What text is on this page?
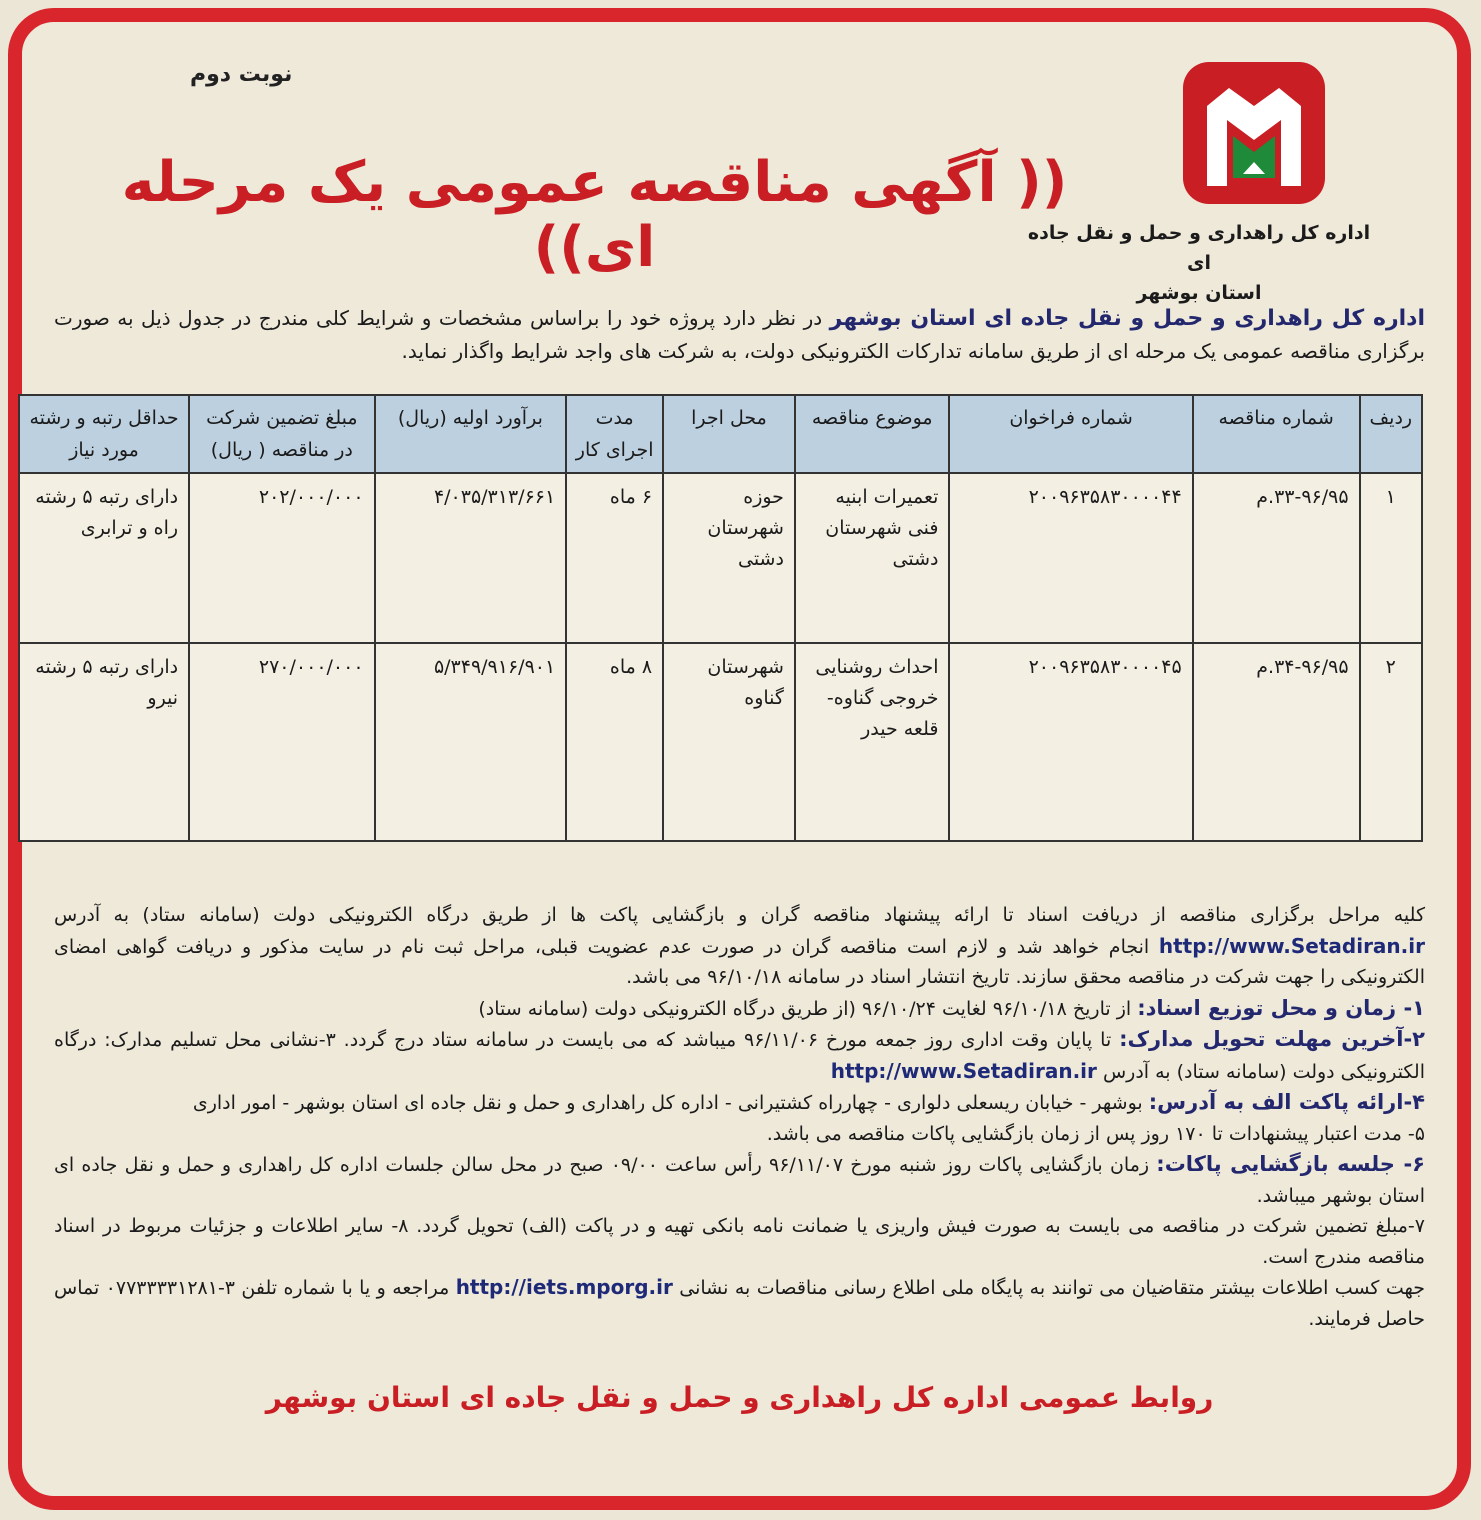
نوبت دوم
(( آگهی مناقصه عمومی یک مرحله ای))	اداره کل راهداری و حمل و نقل جاده ای
استان بوشهر
اداره کل راهداری و حمل و نقل جاده ای استان بوشهر در نظر دارد پروژه خود را براساس مشخصات و شرایط کلی مندرج در جدول ذیل به صورت برگزاری مناقصه عمومی یک مرحله ای از طریق سامانه تدارکات الکترونیکی دولت، به شرکت های واجد شرایط واگذار نماید.
ردیف	شماره مناقصه	شماره فراخوان	موضوع مناقصه	محل اجرا	مدت اجرای کار	برآورد اولیه (ریال)	مبلغ تضمین شرکت در مناقصه ( ریال)	حداقل رتبه و رشته مورد نیاز
۱	۳۳-۹۶/۹۵.م	۲۰۰۹۶۳۵۸۳۰۰۰۰۴۴	تعمیرات ابنیه فنی شهرستان دشتی	حوزه شهرستان دشتی	۶ ماه	۴/۰۳۵/۳۱۳/۶۶۱	۲۰۲/۰۰۰/۰۰۰	دارای رتبه ۵ رشته راه و ترابری
۲	۳۴-۹۶/۹۵.م	۲۰۰۹۶۳۵۸۳۰۰۰۰۴۵	احداث روشنایی خروجی گناوه-قلعه حیدر	شهرستان گناوه	۸ ماه	۵/۳۴۹/۹۱۶/۹۰۱	۲۷۰/۰۰۰/۰۰۰	دارای رتبه ۵ رشته نیرو

کلیه مراحل برگزاری مناقصه از دریافت اسناد تا ارائه پیشنهاد مناقصه گران و بازگشایی پاکت ها از طریق درگاه الکترونیکی دولت (سامانه ستاد) به آدرس http://www.Setadiran.ir انجام خواهد شد و لازم است مناقصه گران در صورت عدم عضویت قبلی، مراحل ثبت نام در سایت مذکور و دریافت گواهی امضای الکترونیکی را جهت شرکت در مناقصه محقق سازند. تاریخ انتشار اسناد در سامانه ۹۶/۱۰/۱۸ می باشد.

۱- زمان و محل توزیع اسناد: از تاریخ ۹۶/۱۰/۱۸ لغایت ۹۶/۱۰/۲۴ (از طریق درگاه الکترونیکی دولت (سامانه ستاد)

۲-آخرین مهلت تحویل مدارک: تا پایان وقت اداری روز جمعه مورخ ۹۶/۱۱/۰۶ میباشد که می بایست در سامانه ستاد درج گردد. ۳-نشانی محل تسلیم مدارک: درگاه الکترونیکی دولت (سامانه ستاد) به آدرس http://www.Setadiran.ir

۴-ارائه پاکت الف به آدرس: بوشهر - خیابان ریسعلی دلواری - چهارراه کشتیرانی - اداره کل راهداری و حمل و نقل جاده ای استان بوشهر - امور اداری

۵- مدت اعتبار پیشنهادات تا ۱۷۰ روز پس از زمان بازگشایی پاکات مناقصه می باشد.

۶- جلسه بازگشایی پاکات: زمان بازگشایی پاکات روز شنبه مورخ ۹۶/۱۱/۰۷ رأس ساعت ۰۹/۰۰ صبح در محل سالن جلسات اداره کل راهداری و حمل و نقل جاده ای استان بوشهر میباشد.

۷-مبلغ تضمین شرکت در مناقصه می بایست به صورت فیش واریزی یا ضمانت نامه بانکی تهیه و در پاکت (الف) تحویل گردد. ۸- سایر اطلاعات و جزئیات مربوط در اسناد مناقصه مندرج است.

جهت کسب اطلاعات بیشتر متقاضیان می توانند به پایگاه ملی اطلاع رسانی مناقصات به نشانی http://iets.mporg.ir مراجعه و یا با شماره تلفن ۳-۰۷۷۳۳۳۳۱۲۸۱ تماس حاصل فرمایند.

روابط عمومی اداره کل راهداری و حمل و نقل جاده ای استان بوشهر
